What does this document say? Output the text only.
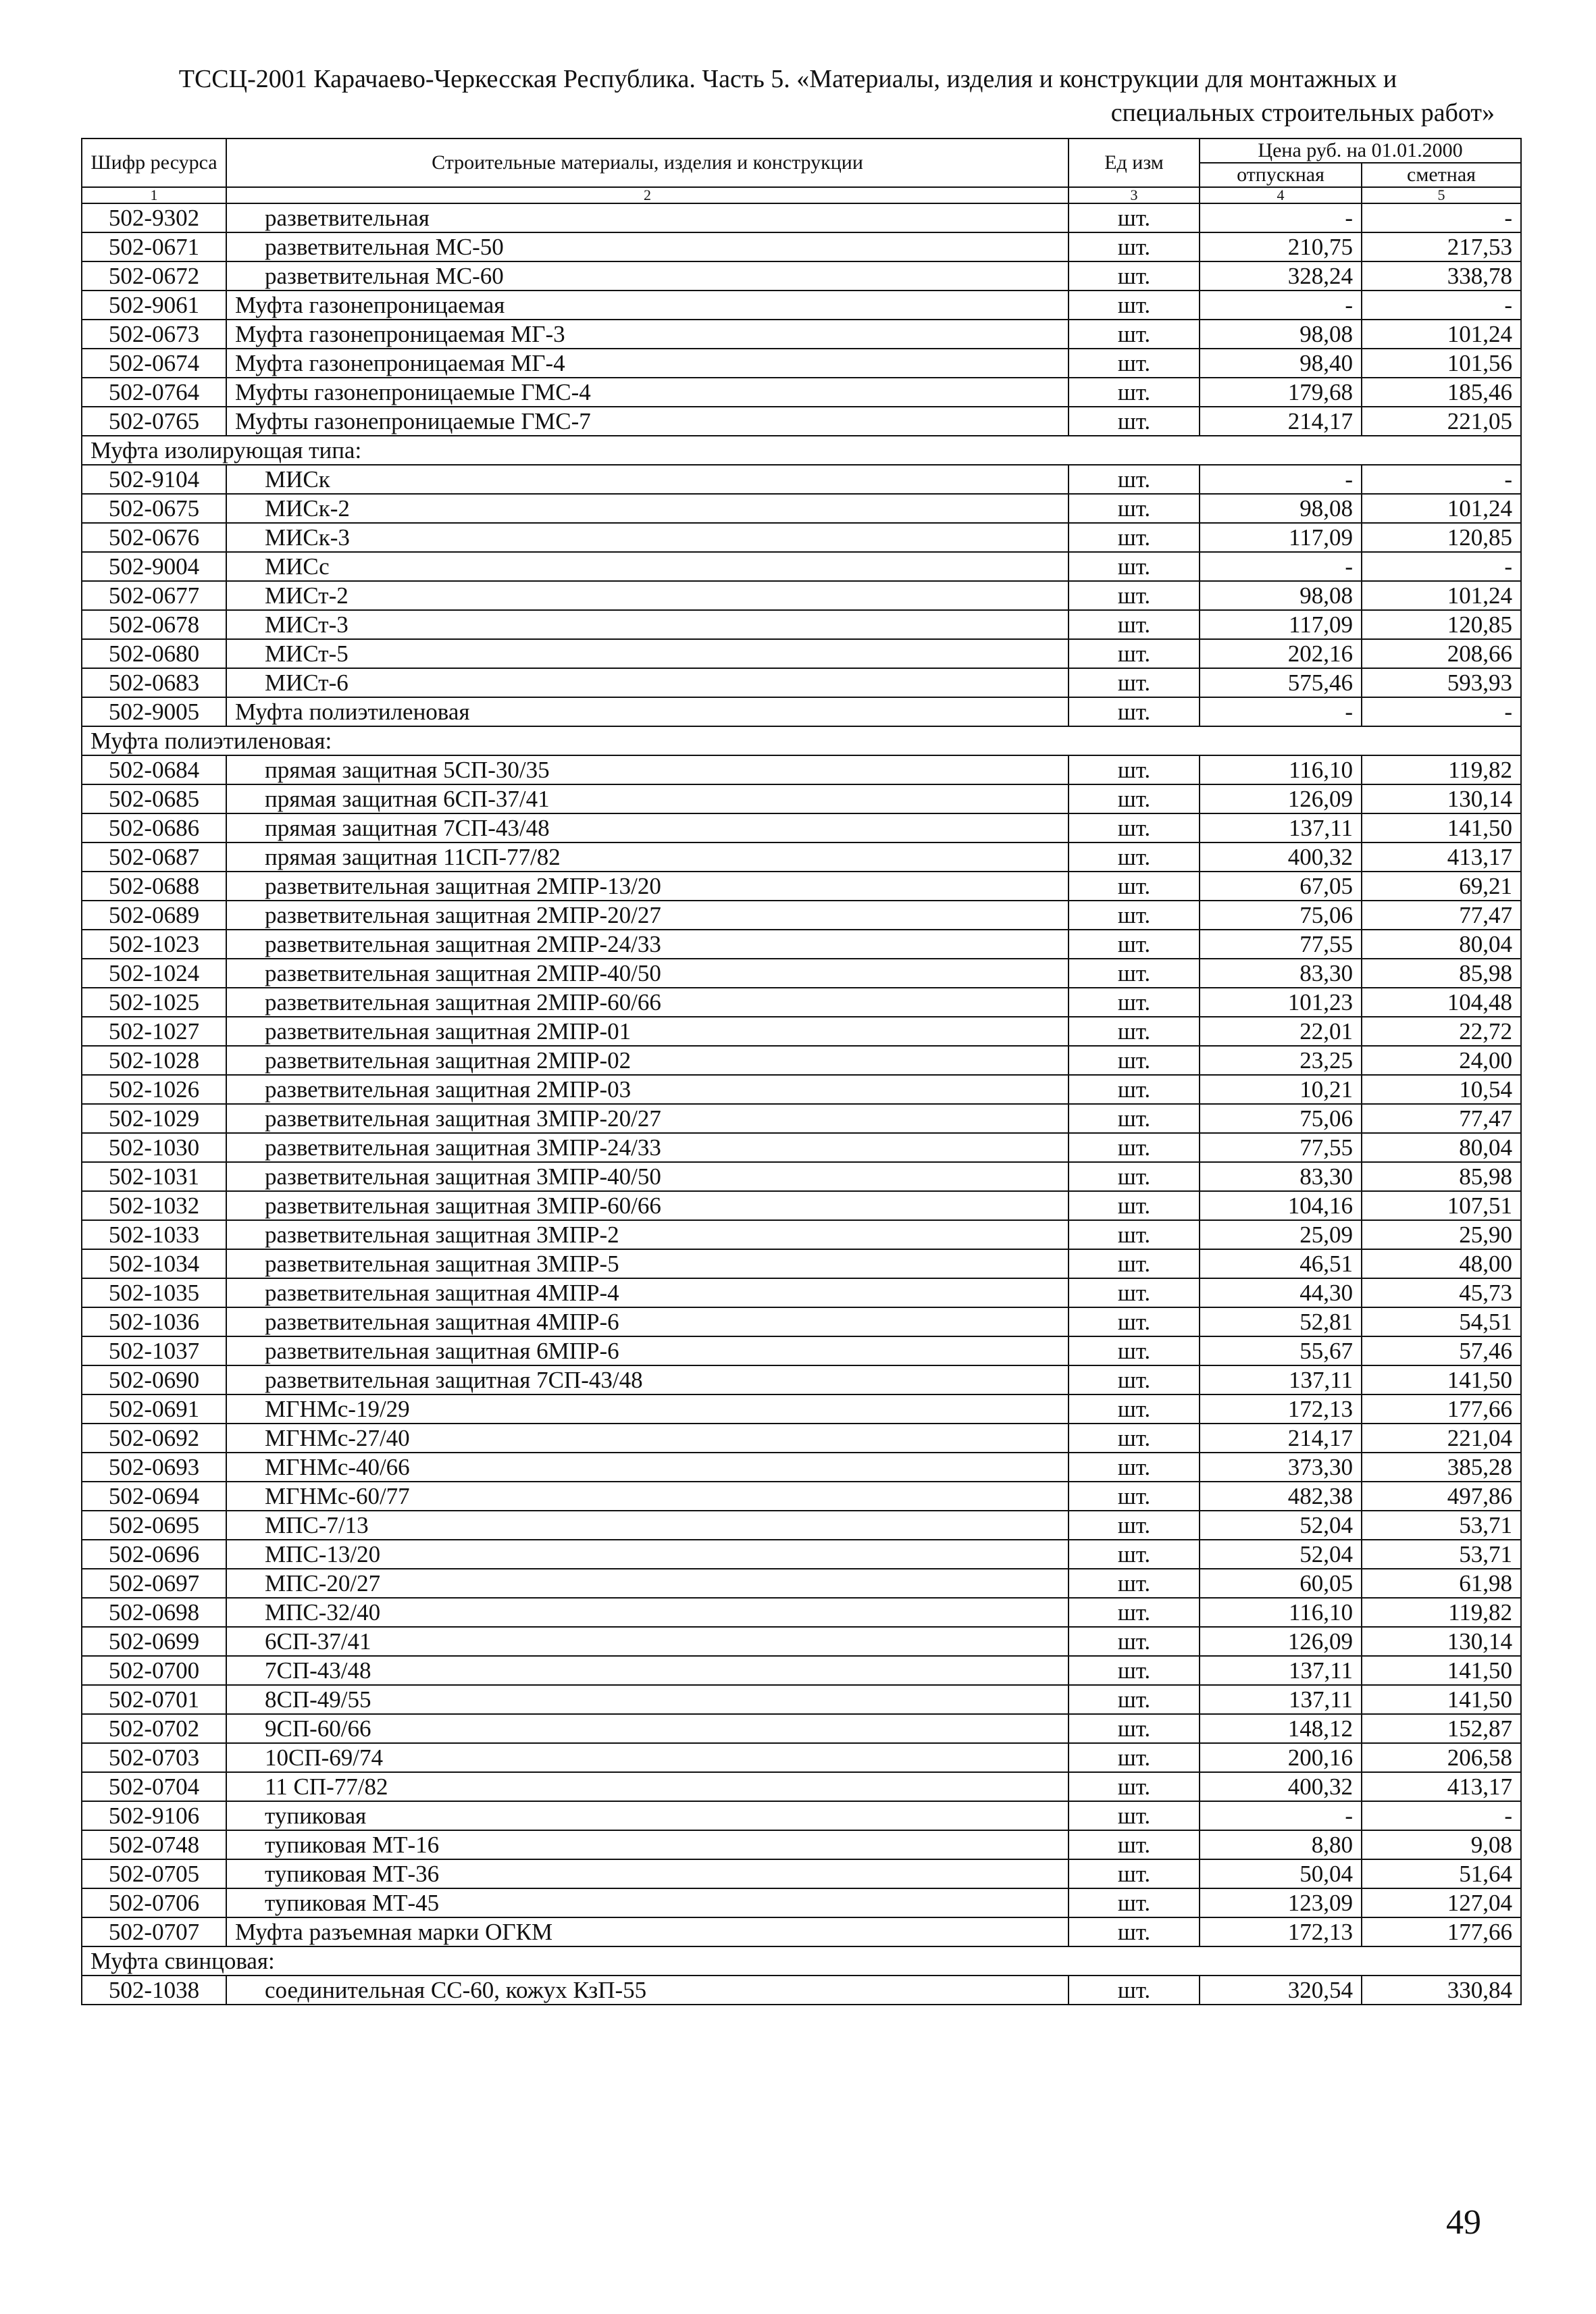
ТССЦ-2001 Карачаево-Черкесская Республика. Часть 5. «Материалы, изделия и конструкции для монтажных и
специальных строительных работ»
Шифр ресурса	Строительные материалы, изделия и конструкции	Ед изм	Цена руб. на 01.01.2000	
			отпускная	сметная
1	2	3	4	5
502-9302	разветвительная	шт.	-	-
502-0671	разветвительная МС-50	шт.	210,75	217,53
502-0672	разветвительная МС-60	шт.	328,24	338,78
502-9061	Муфта газонепроницаемая	шт.	-	-
502-0673	Муфта газонепроницаемая МГ-3	шт.	98,08	101,24
502-0674	Муфта газонепроницаемая МГ-4	шт.	98,40	101,56
502-0764	Муфты газонепроницаемые ГМС-4	шт.	179,68	185,46
502-0765	Муфты газонепроницаемые ГМС-7	шт.	214,17	221,05
Муфта изолирующая типа:				
502-9104	МИСк	шт.	-	-
502-0675	МИСк-2	шт.	98,08	101,24
502-0676	МИСк-3	шт.	117,09	120,85
502-9004	МИСс	шт.	-	-
502-0677	МИСт-2	шт.	98,08	101,24
502-0678	МИСт-3	шт.	117,09	120,85
502-0680	МИСт-5	шт.	202,16	208,66
502-0683	МИСт-6	шт.	575,46	593,93
502-9005	Муфта полиэтиленовая	шт.	-	-
Муфта полиэтиленовая:				
502-0684	прямая защитная 5СП-30/35	шт.	116,10	119,82
502-0685	прямая защитная 6СП-37/41	шт.	126,09	130,14
502-0686	прямая защитная 7СП-43/48	шт.	137,11	141,50
502-0687	прямая защитная 11СП-77/82	шт.	400,32	413,17
502-0688	разветвительная защитная 2МПР-13/20	шт.	67,05	69,21
502-0689	разветвительная защитная 2МПР-20/27	шт.	75,06	77,47
502-1023	разветвительная защитная 2МПР-24/33	шт.	77,55	80,04
502-1024	разветвительная защитная 2МПР-40/50	шт.	83,30	85,98
502-1025	разветвительная защитная 2МПР-60/66	шт.	101,23	104,48
502-1027	разветвительная защитная 2МПР-01	шт.	22,01	22,72
502-1028	разветвительная защитная 2МПР-02	шт.	23,25	24,00
502-1026	разветвительная защитная 2МПР-03	шт.	10,21	10,54
502-1029	разветвительная защитная 3МПР-20/27	шт.	75,06	77,47
502-1030	разветвительная защитная 3МПР-24/33	шт.	77,55	80,04
502-1031	разветвительная защитная 3МПР-40/50	шт.	83,30	85,98
502-1032	разветвительная защитная 3МПР-60/66	шт.	104,16	107,51
502-1033	разветвительная защитная 3МПР-2	шт.	25,09	25,90
502-1034	разветвительная защитная 3МПР-5	шт.	46,51	48,00
502-1035	разветвительная защитная 4МПР-4	шт.	44,30	45,73
502-1036	разветвительная защитная 4МПР-6	шт.	52,81	54,51
502-1037	разветвительная защитная 6МПР-6	шт.	55,67	57,46
502-0690	разветвительная защитная 7СП-43/48	шт.	137,11	141,50
502-0691	МГНМс-19/29	шт.	172,13	177,66
502-0692	МГНМс-27/40	шт.	214,17	221,04
502-0693	МГНМс-40/66	шт.	373,30	385,28
502-0694	МГНМс-60/77	шт.	482,38	497,86
502-0695	МПС-7/13	шт.	52,04	53,71
502-0696	МПС-13/20	шт.	52,04	53,71
502-0697	МПС-20/27	шт.	60,05	61,98
502-0698	МПС-32/40	шт.	116,10	119,82
502-0699	6СП-37/41	шт.	126,09	130,14
502-0700	7СП-43/48	шт.	137,11	141,50
502-0701	8СП-49/55	шт.	137,11	141,50
502-0702	9СП-60/66	шт.	148,12	152,87
502-0703	10СП-69/74	шт.	200,16	206,58
502-0704	11 СП-77/82	шт.	400,32	413,17
502-9106	тупиковая	шт.	-	-
502-0748	тупиковая МТ-16	шт.	8,80	9,08
502-0705	тупиковая МТ-36	шт.	50,04	51,64
502-0706	тупиковая МТ-45	шт.	123,09	127,04
502-0707	Муфта разъемная марки ОГКМ	шт.	172,13	177,66
Муфта свинцовая:				
502-1038	соединительная СС-60, кожух КзП-55	шт.	320,54	330,84
49
